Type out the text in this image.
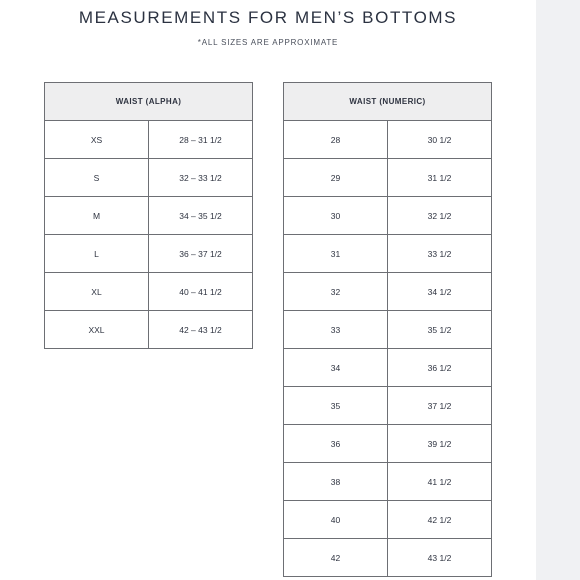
MEASUREMENTS FOR MEN’S BOTTOMS
*ALL SIZES ARE APPROXIMATE
WAIST (ALPHA)	
XS	28 – 31 1/2
S	32 – 33 1/2
M	34 – 35 1/2
L	36 – 37 1/2
XL	40 – 41 1/2
XXL	42 – 43 1/2
WAIST (NUMERIC)	
28	30 1/2
29	31 1/2
30	32 1/2
31	33 1/2
32	34 1/2
33	35 1/2
34	36 1/2
35	37 1/2
36	39 1/2
38	41 1/2
40	42 1/2
42	43 1/2
